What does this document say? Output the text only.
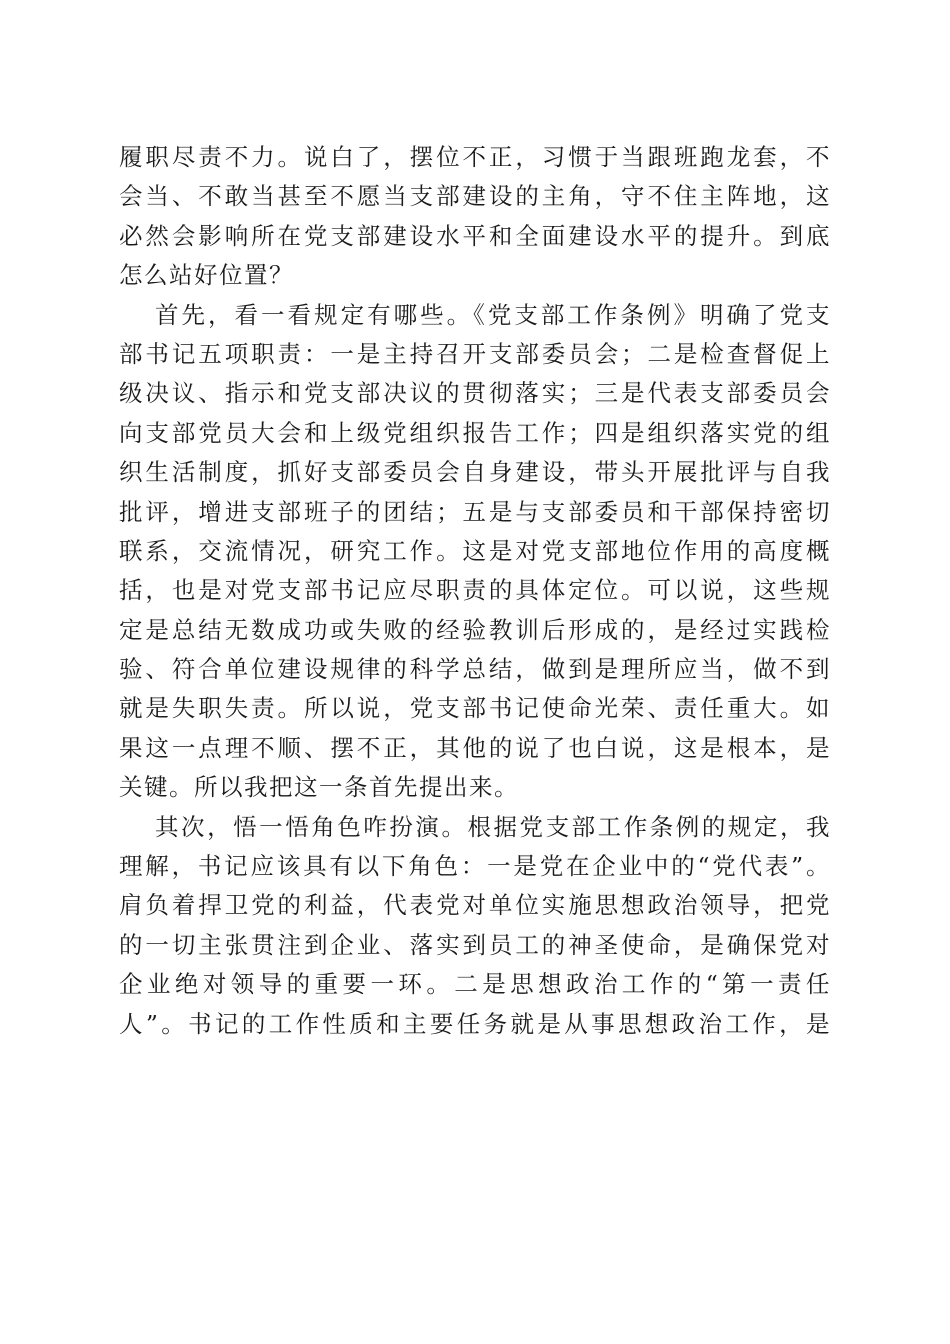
履职尽责不力。说白了，摆位不正，习惯于当跟班跑龙套，不
会当、不敢当甚至不愿当支部建设的主角，守不住主阵地，这
必然会影响所在党支部建设水平和全面建设水平的提升。到底
怎么站好位置？
首先，看一看规定有哪些。《党支部工作条例》明确了党支
部书记五项职责：一是主持召开支部委员会；二是检查督促上
级决议、指示和党支部决议的贯彻落实；三是代表支部委员会
向支部党员大会和上级党组织报告工作；四是组织落实党的组
织生活制度，抓好支部委员会自身建设，带头开展批评与自我
批评，增进支部班子的团结；五是与支部委员和干部保持密切
联系，交流情况，研究工作。这是对党支部地位作用的高度概
括，也是对党支部书记应尽职责的具体定位。可以说，这些规
定是总结无数成功或失败的经验教训后形成的，是经过实践检
验、符合单位建设规律的科学总结，做到是理所应当，做不到
就是失职失责。所以说，党支部书记使命光荣、责任重大。如
果这一点理不顺、摆不正，其他的说了也白说，这是根本，是
关键。所以我把这一条首先提出来。
其次，悟一悟角色咋扮演。根据党支部工作条例的规定，我
理解，书记应该具有以下角色：一是党在企业中的“党代表”。
肩负着捍卫党的利益，代表党对单位实施思想政治领导，把党
的一切主张贯注到企业、落实到员工的神圣使命，是确保党对
企业绝对领导的重要一环。二是思想政治工作的“第一责任
人”。书记的工作性质和主要任务就是从事思想政治工作，是
